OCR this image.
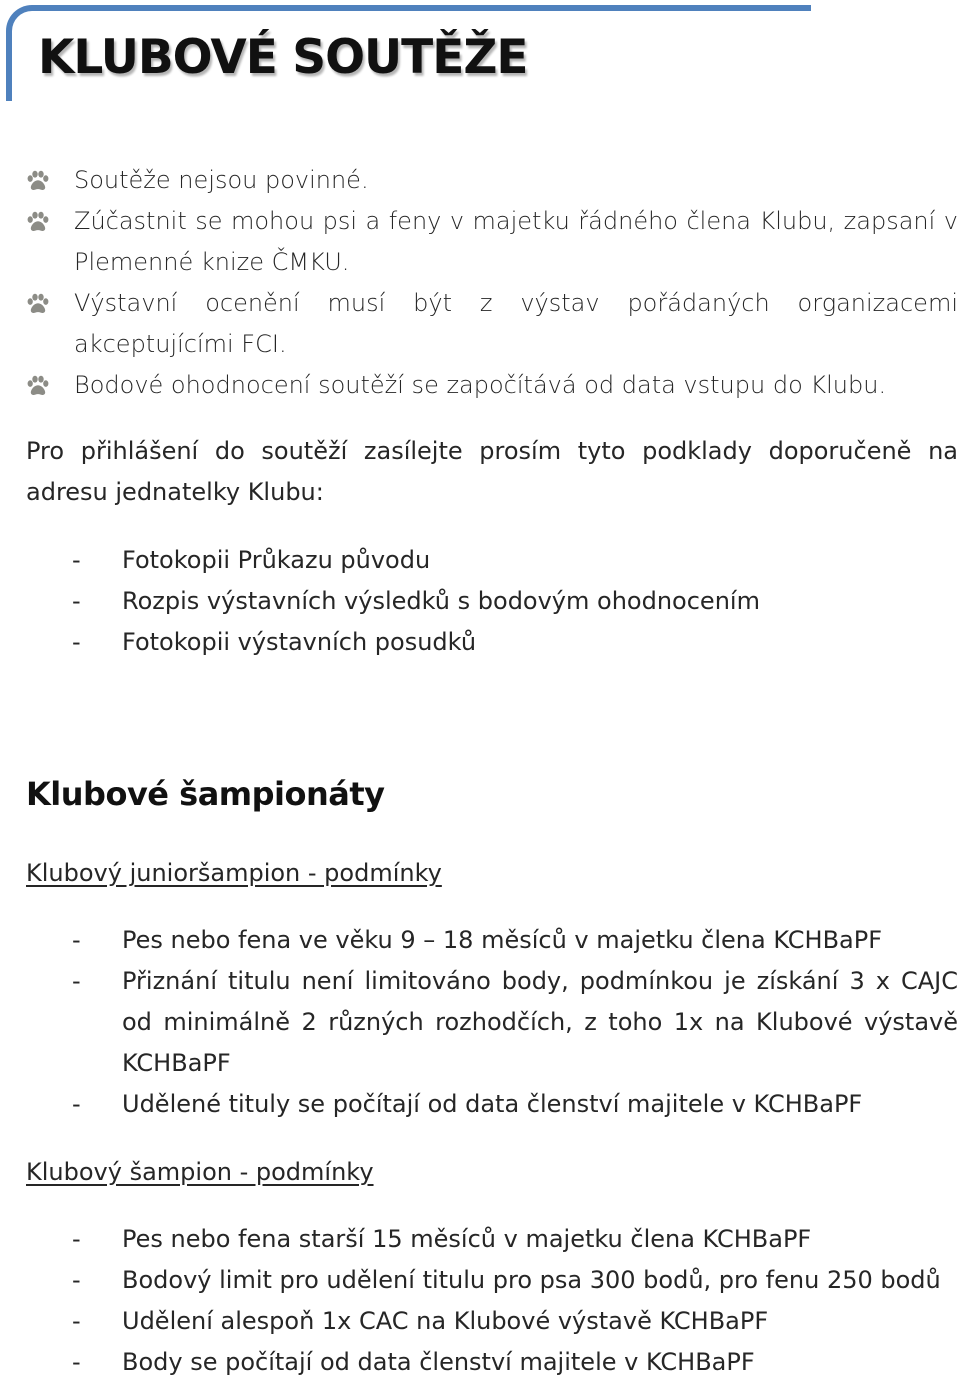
KLUBOVÉ SOUTĚŽE
Soutěže nejsou povinné.
Zúčastnit se mohou psi a feny v majetku řádného člena Klubu, zapsaní v Plemenné knize ČMKU.
Výstavní ocenění musí být z výstav pořádaných organizacemi akceptujícími FCI.
Bodové ohodnocení soutěží se započítává od data vstupu do Klubu.

Pro přihlášení do soutěží zasílejte prosím tyto podklady doporučeně na adresu jednatelky Klubu:

- Fotokopii Průkazu původu
- Rozpis výstavních výsledků s bodovým ohodnocením
- Fotokopii výstavních posudků
Klubové šampionáty
Klubový junioršampion - podmínky
- Pes nebo fena ve věku 9 – 18 měsíců v majetku člena KCHBaPF
- Přiznání titulu není limitováno body, podmínkou je získání 3 x CAJC od minimálně 2 různých rozhodčích, z toho 1x na Klubové výstavě KCHBaPF
- Udělené tituly se počítají od data členství majitele v KCHBaPF
Klubový šampion - podmínky
- Pes nebo fena starší 15 měsíců v majetku člena KCHBaPF
- Bodový limit pro udělení titulu pro psa 300 bodů, pro fenu 250 bodů
- Udělení alespoň 1x CAC na Klubové výstavě KCHBaPF
- Body se počítají od data členství majitele v KCHBaPF
